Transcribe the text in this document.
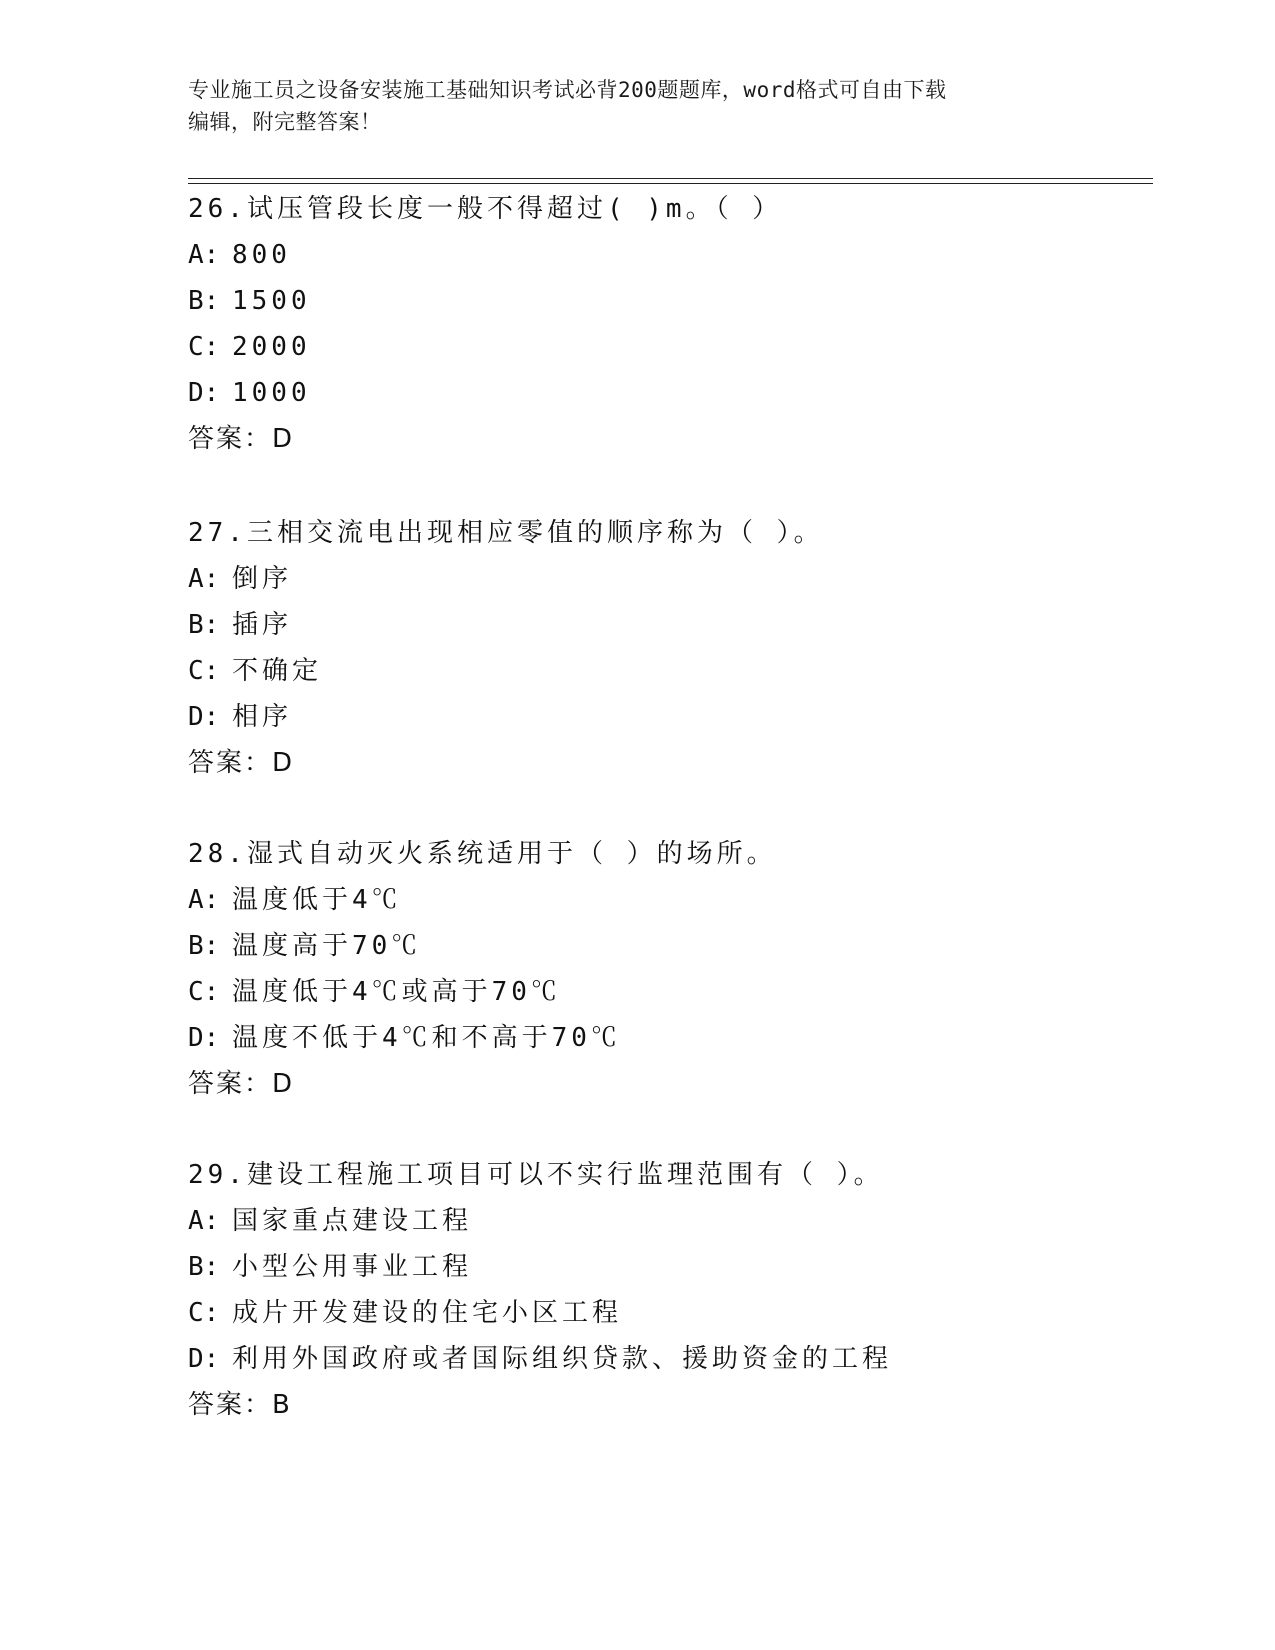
专业施工员之设备安装施工基础知识考试必背200题题库，word格式可自由下载
编辑，附完整答案！
26.试压管段长度一般不得超过( )m。（ ）
A: 800
B: 1500
C: 2000
D: 1000
答案：D
27.三相交流电出现相应零值的顺序称为（ ）。
A: 倒序
B: 插序
C: 不确定
D: 相序
答案：D
28.湿式自动灭火系统适用于（ ）的场所。
A: 温度低于4℃
B: 温度高于70℃
C: 温度低于4℃或高于70℃
D: 温度不低于4℃和不高于70℃
答案：D
29.建设工程施工项目可以不实行监理范围有（ ）。
A: 国家重点建设工程
B: 小型公用事业工程
C: 成片开发建设的住宅小区工程
D: 利用外国政府或者国际组织贷款、援助资金的工程
答案：B
